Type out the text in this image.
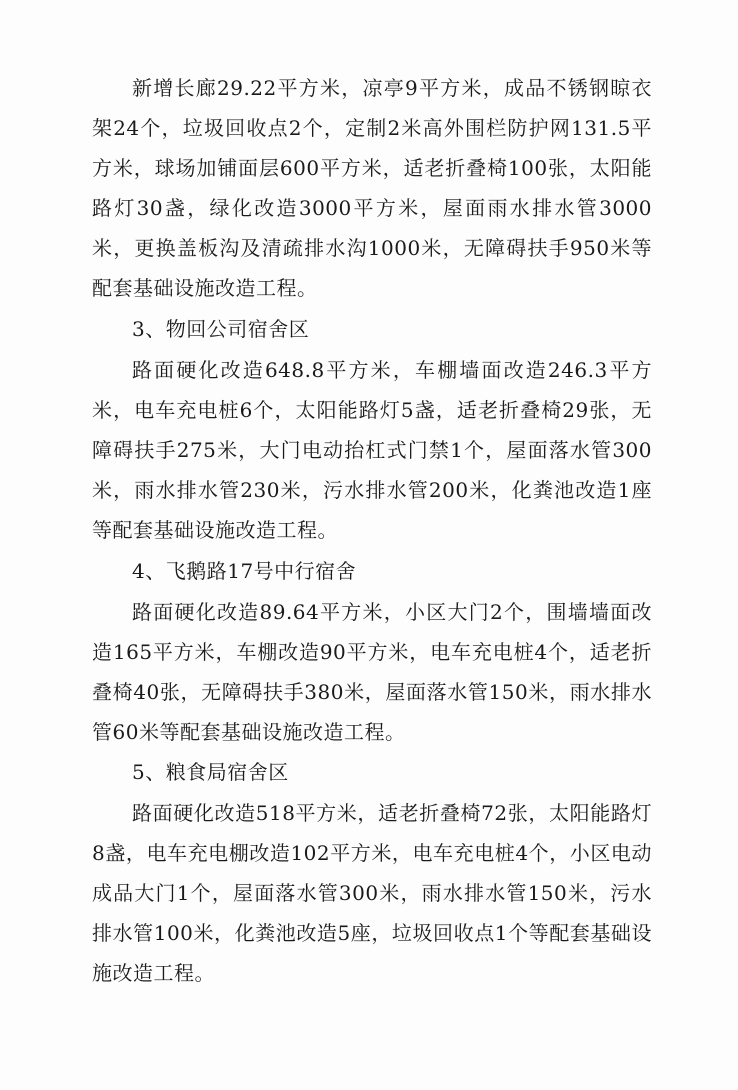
新增长廊29.22平方米，凉亭9平方米，成品不锈钢晾衣架24个，垃圾回收点2个，定制2米高外围栏防护网131.5平方米，球场加铺面层600平方米，适老折叠椅100张，太阳能路灯30盏，绿化改造3000平方米，屋面雨水排水管3000米，更换盖板沟及清疏排水沟1000米，无障碍扶手950米等配套基础设施改造工程。

3、物回公司宿舍区

路面硬化改造648.8平方米，车棚墙面改造246.3平方米，电车充电桩6个，太阳能路灯5盏，适老折叠椅29张，无障碍扶手275米，大门电动抬杠式门禁1个，屋面落水管300米，雨水排水管230米，污水排水管200米，化粪池改造1座等配套基础设施改造工程。

4、飞鹅路17号中行宿舍

路面硬化改造89.64平方米，小区大门2个，围墙墙面改造165平方米，车棚改造90平方米，电车充电桩4个，适老折叠椅40张，无障碍扶手380米，屋面落水管150米，雨水排水管60米等配套基础设施改造工程。

5、粮食局宿舍区

路面硬化改造518平方米，适老折叠椅72张，太阳能路灯8盏，电车充电棚改造102平方米，电车充电桩4个，小区电动成品大门1个，屋面落水管300米，雨水排水管150米，污水排水管100米，化粪池改造5座，垃圾回收点1个等配套基础设施改造工程。
